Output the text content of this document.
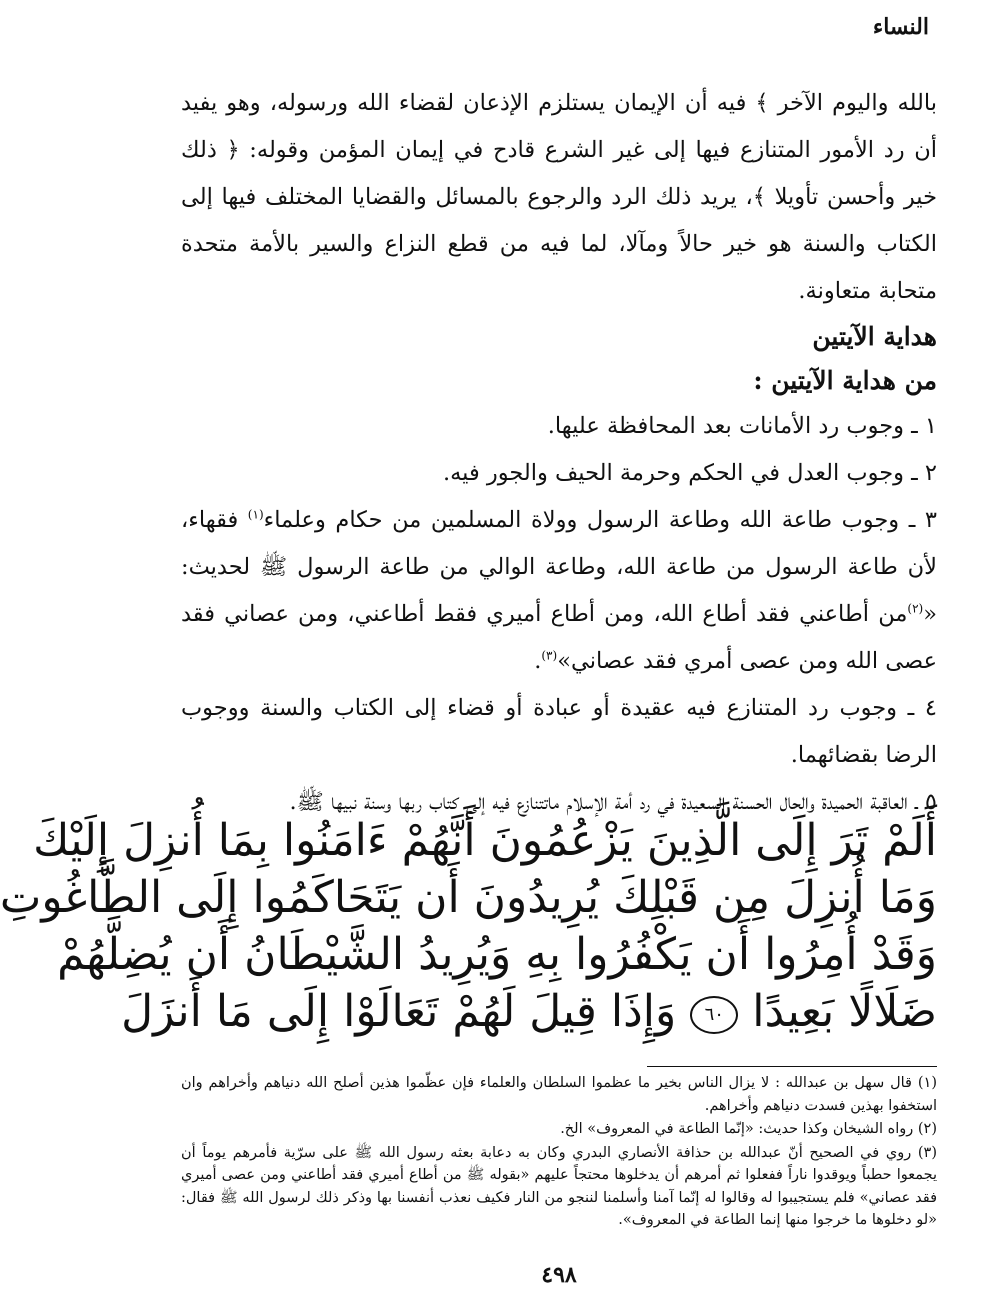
النساء

بالله واليوم الآخر ﴾ فيه أن الإيمان يستلزم الإذعان لقضاء الله ورسوله، وهو يفيد أن رد الأمور المتنازع فيها إلى غير الشرع قادح في إيمان المؤمن وقوله: ﴿ ذلك خير وأحسن تأويلا ﴾، يريد ذلك الرد والرجوع بالمسائل والقضايا المختلف فيها إلى الكتاب والسنة هو خير حالاً ومآلا، لما فيه من قطع النزاع والسير بالأمة متحدة متحابة متعاونة.

هداية الآيتين

من هداية الآيتين :

١ ـ وجوب رد الأمانات بعد المحافظة عليها.

٢ ـ وجوب العدل في الحكم وحرمة الحيف والجور فيه.

٣ ـ وجوب طاعة الله وطاعة الرسول وولاة المسلمين من حكام وعلماء$^{(١)}$ فقهاء، لأن طاعة الرسول من طاعة الله، وطاعة الوالي من طاعة الرسول ﷺ لحديث: «$^{(٢)}$من أطاعني فقد أطاع الله، ومن أطاع أميري فقط أطاعني، ومن عصاني فقد عصى الله ومن عصى أمري فقد عصاني»$^{(٣)}$.

٤ ـ وجوب رد المتنازع فيه عقيدة أو عبادة أو قضاء إلى الكتاب والسنة ووجوب الرضا بقضائهما.

٥ ـ العاقبة الحميدة والحال الحسنة السعيدة في رد أمة الإسلام ماتتنازع فيه إلى كتاب ربها وسنة نبيها ﷺ.

أَلَمْ تَرَ إِلَى الَّذِينَ يَزْعُمُونَ أَنَّهُمْ ءَامَنُوا بِمَا أُنزِلَ إِلَيْكَ
وَمَا أُنزِلَ مِن قَبْلِكَ يُرِيدُونَ أَن يَتَحَاكَمُوا إِلَى الطَّاغُوتِ
وَقَدْ أُمِرُوا أَن يَكْفُرُوا بِهِ وَيُرِيدُ الشَّيْطَانُ أَن يُضِلَّهُمْ
ضَلَالًا بَعِيدًا ٦٠ وَإِذَا قِيلَ لَهُمْ تَعَالَوْا إِلَى مَا أَنزَلَ

(١) قال سهل بن عبدالله : لا يزال الناس بخير ما عظموا السلطان والعلماء فإن عظّموا هذين أصلح الله دنياهم وأخراهم وان استخفوا بهذين فسدت دنياهم وأخراهم.

(٢) رواه الشيخان وكذا حديث: «إنّما الطاعة في المعروف» الخ.

(٣) روي في الصحيح أنّ عبدالله بن حذافة الأنصاري البدري وكان به دعابة بعثه رسول الله ﷺ على سرّية فأمرهم يوماً أن يجمعوا حطباً ويوقدوا ناراً ففعلوا ثم أمرهم أن يدخلوها محتجاً عليهم «بقوله ﷺ من أطاع أميري فقد أطاعني ومن عصى أميري فقد عصاني» فلم يستجيبوا له وقالوا له إنّما آمنا وأسلمنا لننجو من النار فكيف نعذب أنفسنا بها وذكر ذلك لرسول الله ﷺ فقال: «لو دخلوها ما خرجوا منها إنما الطاعة في المعروف».

٤٩٨
